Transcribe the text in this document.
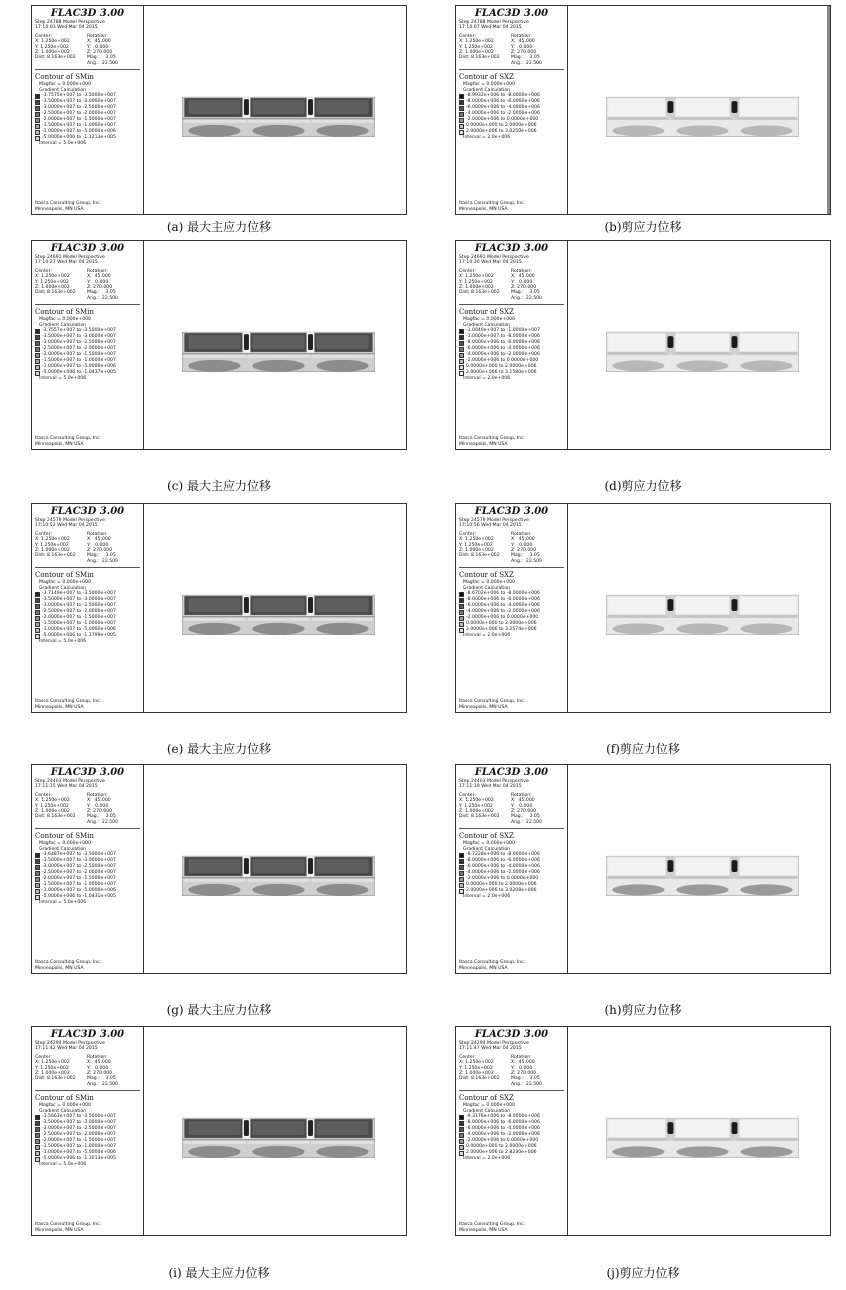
FLAC3D 3.00
Step 24788 Model Perspective
17:10:03 Wed Mar 04 2015
Center:
X: 1.250e+002
Y: 1.250e+002
Z: 1.000e+002
Dist: 8.163e+002
Rotation:
X:  45.000
Y:   0.000
Z: 270.000
Mag.:    3.05
Ang.:  22.500
Contour of SMin
Magfac = 0.000e+000
Gradient Calculation
-3.7575e+007 to -3.5000e+007
-3.5000e+007 to -3.0000e+007
-3.0000e+007 to -2.5000e+007
-2.5000e+007 to -2.0000e+007
-2.0000e+007 to -1.5000e+007
-1.5000e+007 to -1.0000e+007
-1.0000e+007 to -5.0000e+006
-5.0000e+006 to -1.1213e+005
Interval = 5.0e+006
Itasca Consulting Group, Inc.
Minneapolis, MN USA
(a) 最大主应力位移
FLAC3D 3.00
Step 24788 Model Perspective
17:10:07 Wed Mar 04 2015
Center:
X: 1.250e+002
Y: 1.250e+002
Z: 1.000e+002
Dist: 8.163e+002
Rotation:
X:  45.000
Y:   0.000
Z: 270.000
Mag.:    3.05
Ang.:  22.500
Contour of SXZ
Magfac = 0.000e+000
Gradient Calculation
-8.9932e+006 to -8.0000e+006
-8.0000e+006 to -6.0000e+006
-6.0000e+006 to -4.0000e+006
-4.0000e+006 to -2.0000e+006
-2.0000e+006 to 0.0000e+000
0.0000e+000 to 2.0000e+006
2.0000e+006 to 3.0250e+006
Interval = 2.0e+006
Itasca Consulting Group, Inc.
Minneapolis, MN USA
(b)剪应力位移
FLAC3D 3.00
Step 24691 Model Perspective
17:10:27 Wed Mar 04 2015
Center:
X: 1.250e+002
Y: 1.250e+002
Z: 1.000e+002
Dist: 8.163e+002
Rotation:
X:  45.000
Y:   0.000
Z: 270.000
Mag.:    3.05
Ang.:  22.500
Contour of SMin
Magfac = 0.000e+000
Gradient Calculation
-3.7557e+007 to -3.5000e+007
-3.5000e+007 to -3.0000e+007
-3.0000e+007 to -2.5000e+007
-2.5000e+007 to -2.0000e+007
-2.0000e+007 to -1.5000e+007
-1.5000e+007 to -1.0000e+007
-1.0000e+007 to -5.0000e+006
-5.0000e+006 to -1.0437e+005
Interval = 5.0e+006
Itasca Consulting Group, Inc.
Minneapolis, MN USA
(c) 最大主应力位移
FLAC3D 3.00
Step 24691 Model Perspective
17:10:30 Wed Mar 04 2015
Center:
X: 1.250e+002
Y: 1.250e+002
Z: 1.000e+002
Dist: 8.163e+002
Rotation:
X:  45.000
Y:   0.000
Z: 270.000
Mag.:    3.05
Ang.:  22.500
Contour of SXZ
Magfac = 0.000e+000
Gradient Calculation
-1.0040e+007 to -1.0000e+007
-1.0000e+007 to -8.0000e+006
-8.0000e+006 to -6.0000e+006
-6.0000e+006 to -4.0000e+006
-4.0000e+006 to -2.0000e+006
-2.0000e+006 to 0.0000e+000
0.0000e+000 to 2.0000e+006
2.0000e+006 to 3.1580e+006
Interval = 2.0e+006
Itasca Consulting Group, Inc.
Minneapolis, MN USA
(d)剪应力位移
FLAC3D 3.00
Step 24579 Model Perspective
17:10:52 Wed Mar 04 2015
Center:
X: 1.250e+002
Y: 1.250e+002
Z: 1.000e+002
Dist: 8.163e+002
Rotation:
X:  45.000
Y:   0.000
Z: 270.000
Mag.:    3.05
Ang.:  22.500
Contour of SMin
Magfac = 0.000e+000
Gradient Calculation
-3.7149e+007 to -3.5000e+007
-3.5000e+007 to -3.0000e+007
-3.0000e+007 to -2.5000e+007
-2.5000e+007 to -2.0000e+007
-2.0000e+007 to -1.5000e+007
-1.5000e+007 to -1.0000e+007
-1.0000e+007 to -5.0000e+006
-5.0000e+006 to -1.1799e+005
Interval = 5.0e+006
Itasca Consulting Group, Inc.
Minneapolis, MN USA
(e) 最大主应力位移
FLAC3D 3.00
Step 24579 Model Perspective
17:10:56 Wed Mar 04 2015
Center:
X: 1.250e+002
Y: 1.250e+002
Z: 1.000e+002
Dist: 8.163e+002
Rotation:
X:  45.000
Y:   0.000
Z: 270.000
Mag.:    3.05
Ang.:  22.500
Contour of SXZ
Magfac = 0.000e+000
Gradient Calculation
-8.6702e+006 to -8.0000e+006
-8.0000e+006 to -6.0000e+006
-6.0000e+006 to -4.0000e+006
-4.0000e+006 to -2.0000e+006
-2.0000e+006 to 0.0000e+000
0.0000e+000 to 2.0000e+006
2.0000e+006 to 3.2574e+006
Interval = 2.0e+006
Itasca Consulting Group, Inc.
Minneapolis, MN USA
(f)剪应力位移
FLAC3D 3.00
Step 24403 Model Perspective
17:11:15 Wed Mar 04 2015
Center:
X: 1.250e+002
Y: 1.250e+002
Z: 1.000e+002
Dist: 8.163e+002
Rotation:
X:  45.000
Y:   0.000
Z: 270.000
Mag.:    3.05
Ang.:  22.500
Contour of SMin
Magfac = 0.000e+000
Gradient Calculation
-3.6487e+007 to -3.5000e+007
-3.5000e+007 to -3.0000e+007
-3.0000e+007 to -2.5000e+007
-2.5000e+007 to -2.0000e+007
-2.0000e+007 to -1.5000e+007
-1.5000e+007 to -1.0000e+007
-1.0000e+007 to -5.0000e+006
-5.0000e+006 to -1.0431e+005
Interval = 5.0e+006
Itasca Consulting Group, Inc.
Minneapolis, MN USA
(g) 最大主应力位移
FLAC3D 3.00
Step 24403 Model Perspective
17:11:19 Wed Mar 04 2015
Center:
X: 1.250e+002
Y: 1.250e+002
Z: 1.000e+002
Dist: 8.163e+002
Rotation:
X:  45.000
Y:   0.000
Z: 270.000
Mag.:    3.05
Ang.:  22.500
Contour of SXZ
Magfac = 0.000e+000
Gradient Calculation
-8.7228e+006 to -8.0000e+006
-8.0000e+006 to -6.0000e+006
-6.0000e+006 to -4.0000e+006
-4.0000e+006 to -2.0000e+006
-2.0000e+006 to 0.0000e+000
0.0000e+000 to 2.0000e+006
2.0000e+006 to 3.0208e+006
Interval = 2.0e+006
Itasca Consulting Group, Inc.
Minneapolis, MN USA
(h)剪应力位移
FLAC3D 3.00
Step 24294 Model Perspective
17:11:42 Wed Mar 04 2015
Center:
X: 1.250e+002
Y: 1.250e+002
Z: 1.000e+002
Dist: 8.163e+002
Rotation:
X:  45.000
Y:   0.000
Z: 270.000
Mag.:    3.05
Ang.:  22.500
Contour of SMin
Magfac = 0.000e+000
Gradient Calculation
-3.5663e+007 to -3.5000e+007
-3.5000e+007 to -3.0000e+007
-3.0000e+007 to -2.5000e+007
-2.5000e+007 to -2.0000e+007
-2.0000e+007 to -1.5000e+007
-1.5000e+007 to -1.0000e+007
-1.0000e+007 to -5.0000e+006
-5.0000e+006 to -1.3013e+005
Interval = 5.0e+006
Itasca Consulting Group, Inc.
Minneapolis, MN USA
(i) 最大主应力位移
FLAC3D 3.00
Step 24294 Model Perspective
17:11:47 Wed Mar 04 2015
Center:
X: 1.250e+002
Y: 1.250e+002
Z: 1.000e+002
Dist: 8.163e+002
Rotation:
X:  45.000
Y:   0.000
Z: 270.000
Mag.:    3.05
Ang.:  22.500
Contour of SXZ
Magfac = 0.000e+000
Gradient Calculation
-9.3176e+006 to -8.0000e+006
-8.0000e+006 to -6.0000e+006
-6.0000e+006 to -4.0000e+006
-4.0000e+006 to -2.0000e+006
-2.0000e+006 to 0.0000e+000
0.0000e+000 to 2.0000e+006
2.0000e+006 to 2.8230e+006
Interval = 2.0e+006
Itasca Consulting Group, Inc.
Minneapolis, MN USA
(j)剪应力位移
